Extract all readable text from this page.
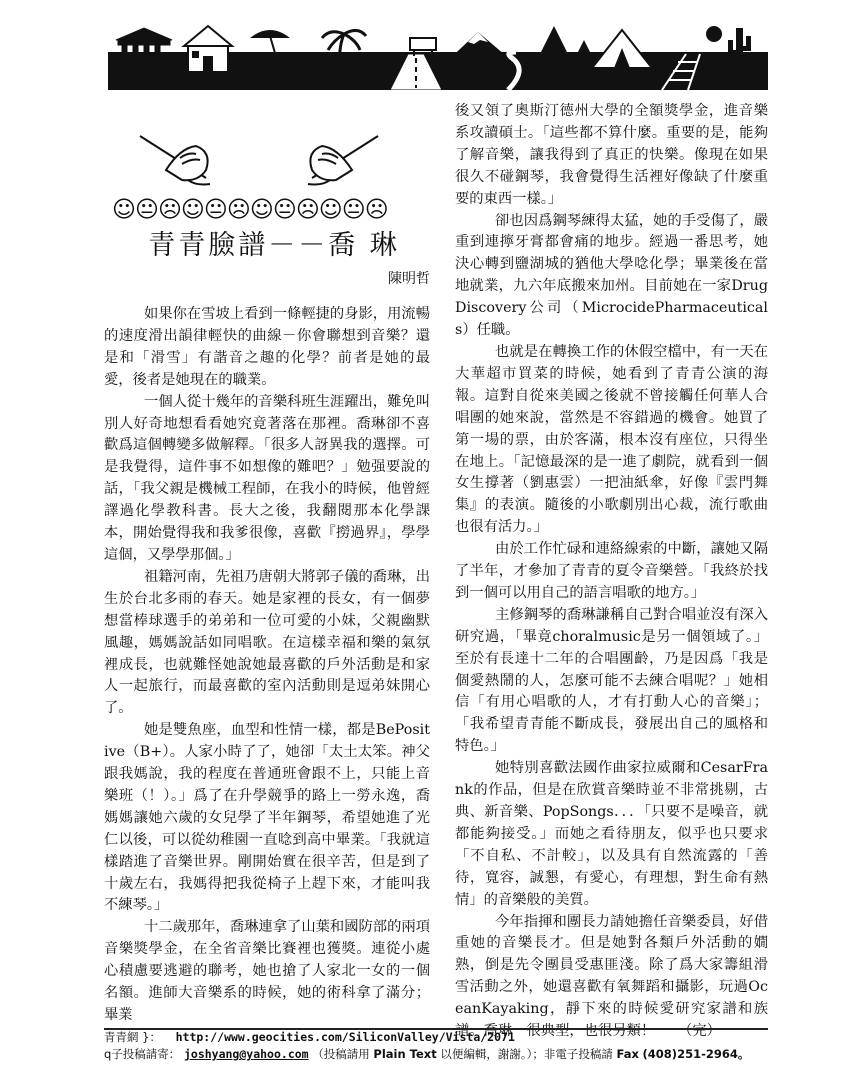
☺😐☹☺😐☹☺😐☹☺😐☹
青青臉譜－－喬 琳
陳明哲

如果你在雪坡上看到一條輕捷的身影，用流暢的速度滑出韻律輕快的曲線－你會聯想到音樂？還是和「滑雪」有諧音之趣的化學？前者是她的最愛，後者是她現在的職業。

一個人從十幾年的音樂科班生涯躍出，難免叫別人好奇地想看看她究竟著落在那裡。喬琳卻不喜歡爲這個轉變多做解釋。「很多人訝異我的選擇。可是我覺得，這件事不如想像的難吧？」勉强要說的話，「我父親是機械工程師，在我小的時候，他曾經譯過化學教科書。長大之後，我翻閱那本化學課本，開始覺得我和我爹很像，喜歡『撈過界』，學學這個，又學學那個。」

祖籍河南，先祖乃唐朝大將郭子儀的喬琳，出生於台北多雨的春天。她是家裡的長女，有一個夢想當棒球選手的弟弟和一位可愛的小妹，父親幽默風趣，媽媽說話如同唱歌。在這樣幸福和樂的氣氛裡成長，也就難怪她說她最喜歡的戶外活動是和家人一起旅行，而最喜歡的室內活動則是逗弟妹開心了。

她是雙魚座，血型和性情一樣，都是BePositive（B+）。人家小時了了，她卻「太土太笨。神父跟我媽說，我的程度在普通班會跟不上，只能上音樂班（！）。」爲了在升學競爭的路上一勞永逸，喬媽媽讓她六歲的女兒學了半年鋼琴，希望她進了光仁以後，可以從幼稚園一直唸到高中畢業。「我就這樣踏進了音樂世界。剛開始實在很辛苦，但是到了十歲左右，我媽得把我從椅子上趕下來，才能叫我不練琴。」

十二歲那年，喬琳連拿了山葉和國防部的兩項音樂獎學金，在全省音樂比賽裡也獲獎。連從小處心積慮要逃避的聯考，她也搶了人家北一女的一個名額。進師大音樂系的時候，她的術科拿了滿分；畢業

後又領了奧斯汀德州大學的全額獎學金，進音樂系攻讀碩士。「這些都不算什麼。重要的是，能夠了解音樂，讓我得到了真正的快樂。像現在如果很久不碰鋼琴，我會覺得生活裡好像缺了什麼重要的東西一樣。」

卻也因爲鋼琴練得太猛，她的手受傷了，嚴重到連擰牙膏都會痛的地步。經過一番思考，她決心轉到鹽湖城的猶他大學唸化學；畢業後在當地就業，九六年底搬來加州。目前她在一家DrugDiscovery公司（MicrocidePharmaceuticals）任職。

也就是在轉換工作的休假空檔中，有一天在大華超市買菜的時候，她看到了青青公演的海報。這對自從來美國之後就不曾接觸任何華人合唱團的她來說，當然是不容錯過的機會。她買了第一場的票，由於客滿，根本沒有座位，只得坐在地上。「記憶最深的是一進了劇院，就看到一個女生撐著（劉惠雲）一把油紙傘，好像『雲門舞集』的表演。隨後的小歌劇別出心裁，流行歌曲也很有活力。」

由於工作忙碌和連絡線索的中斷，讓她又隔了半年，才參加了青青的夏令音樂營。「我終於找到一個可以用自己的語言唱歌的地方。」

主修鋼琴的喬琳謙稱自己對合唱並沒有深入研究過，「畢竟choralmusic是另一個領域了。」至於有長達十二年的合唱團齡，乃是因爲「我是個愛熱鬧的人，怎麼可能不去練合唱呢？」她相信「有用心唱歌的人，才有打動人心的音樂」；「我希望青青能不斷成長，發展出自己的風格和特色。」

她特別喜歡法國作曲家拉威爾和CesarFrank的作品，但是在欣賞音樂時並不非常挑剔，古典、新音樂、PopSongs．．．「只要不是噪音，就都能夠接受。」而她之看待朋友，似乎也只要求「不自私、不計較」，以及具有自然流露的「善待，寬容，誠懇，有愛心，有理想，對生命有熱情」的音樂般的美質。

今年指揮和團長力請她擔任音樂委員，好借重她的音樂長才。但是她對各類戶外活動的嫺熟，倒是先令團員受惠匪淺。除了爲大家籌組滑雪活動之外，她還喜歡有氧舞蹈和攝影，玩過OceanKayaking，靜下來的時候愛研究家譜和族譜。喬琳－很典型，也很另類！ （完）

青青網 }： http://www.geocities.com/SiliconValley/Vista/2071
q子投稿請寄： joshyang@yahoo.com （投稿請用 Plain Text 以便編輯，謝謝。）；非電子投稿請 Fax (408)251-2964。
